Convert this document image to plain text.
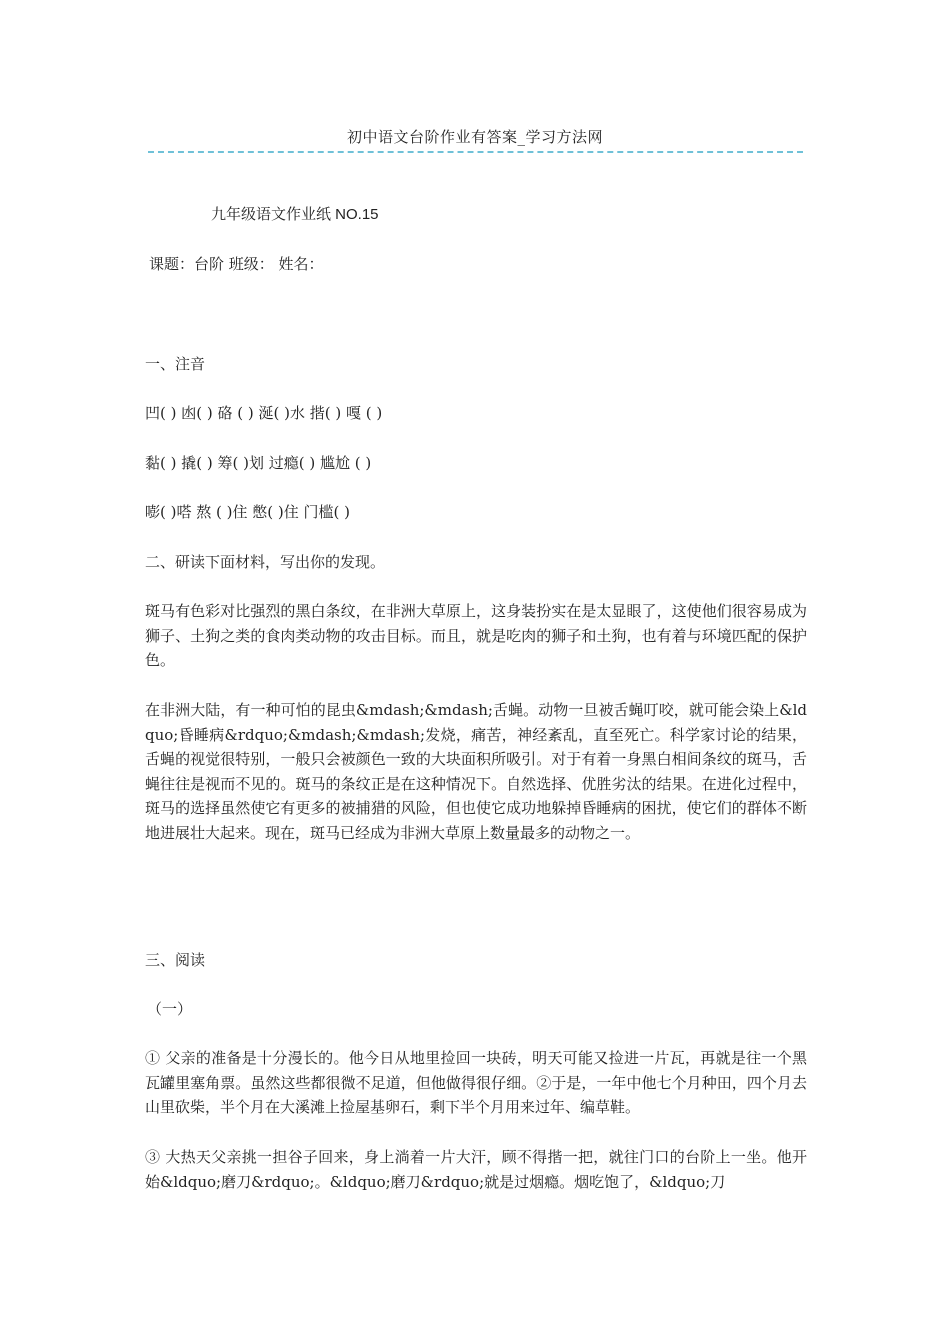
初中语文台阶作业有答案_学习方法网
九年级语文作业纸 NO.15
课题：台阶 班级： 姓名：
一、注音
凹( ) 凼( ) 硌 ( ) 涎( )水 揩( ) 嘎 ( )
黏( ) 撬( ) 筹( )划 过瘾( ) 尴尬 ( )
嘭( )嗒 熬 ( )住 憋( )住 门槛( )
二、研读下面材料，写出你的发现。
斑马有色彩对比强烈的黑白条纹，在非洲大草原上，这身装扮实在是太显眼了，这使他们很容易成为狮子、土狗之类的食肉类动物的攻击目标。而且，就是吃肉的狮子和土狗，也有着与环境匹配的保护色。
在非洲大陆，有一种可怕的昆虫&mdash;&mdash;舌蝇。动物一旦被舌蝇叮咬，就可能会染上&ldquo;昏睡病&rdquo;&mdash;&mdash;发烧，痛苦，神经紊乱，直至死亡。科学家讨论的结果，舌蝇的视觉很特别，一般只会被颜色一致的大块面积所吸引。对于有着一身黑白相间条纹的斑马，舌蝇往往是视而不见的。斑马的条纹正是在这种情况下。自然选择、优胜劣汰的结果。在进化过程中，斑马的选择虽然使它有更多的被捕猎的风险，但也使它成功地躲掉昏睡病的困扰，使它们的群体不断地进展壮大起来。现在，斑马已经成为非洲大草原上数量最多的动物之一。
三、阅读
（一）
① 父亲的准备是十分漫长的。他今日从地里捡回一块砖，明天可能又捡进一片瓦，再就是往一个黑瓦罐里塞角票。虽然这些都很微不足道，但他做得很仔细。②于是，一年中他七个月种田，四个月去山里砍柴，半个月在大溪滩上捡屋基卵石，剩下半个月用来过年、编草鞋。
③ 大热天父亲挑一担谷子回来，身上淌着一片大汗，顾不得揩一把，就往门口的台阶上一坐。他开始&ldquo;磨刀&rdquo;。&ldquo;磨刀&rdquo;就是过烟瘾。烟吃饱了，&ldquo;刀
